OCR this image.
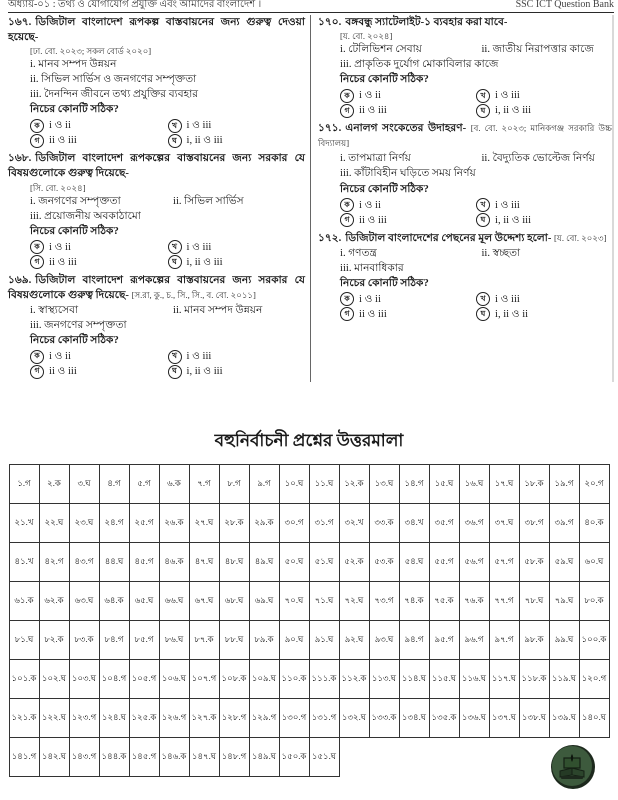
অধ্যায়-০১ : তথ্য ও যোগাযোগ প্রযুক্তি এবং আমাদের বাংলাদেশ ।	SSC ICT Question Bank
১৬৭. ডিজিটাল বাংলাদেশ রূপকল্প বাস্তবায়নের জন্য গুরুত্ব দেওয়া হয়েছে-
[ঢা. বো. ২০২৩; সকল বোর্ড ২০২০]
i. মানব সম্পদ উন্নয়ন
ii. সিভিল সার্ভিস ও জনগণের সম্পৃক্ততা
iii. দৈনন্দিন জীবনে তথ্য প্রযুক্তির ব্যবহার
নিচের কোনটি সঠিক?
ক i ও ii	খ i ও iii
গ ii ও iii	ঘ i, ii ও iii
১৬৮. ডিজিটাল বাংলাদেশ রূপকল্পের বাস্তবায়নের জন্য সরকার যে বিষয়গুলোকে গুরুত্ব দিয়েছে-
[সি. বো. ২০২৪]
i. জনগণের সম্পৃক্ততা	ii. সিভিল সার্ভিস
iii. প্রয়োজনীয় অবকাঠামো
নিচের কোনটি সঠিক?
ক i ও ii	খ i ও iii
গ ii ও iii	ঘ i, ii ও iii
১৬৯. ডিজিটাল বাংলাদেশ রূপকল্পের বাস্তবায়নের জন্য সরকার যে বিষয়গুলোকে গুরুত্ব দিয়েছে- [স.রা, কু., চ., সি., সি., ব. বো. ২০১১]
i. স্বাস্থ্যসেবা	ii. মানব সম্পদ উন্নয়ন
iii. জনগণের সম্পৃক্ততা
নিচের কোনটি সঠিক?
ক i ও ii	খ i ও iii
গ ii ও iii	ঘ i, ii ও iii
১৭০. বঙ্গবন্ধু স্যাটেলাইট-১ ব্যবহার করা যাবে-
[য. বো. ২০২৪]
i. টেলিভিশন সেবায়	ii. জাতীয় নিরাপত্তার কাজে
iii. প্রাকৃতিক দুর্যোগ মোকাবিলার কাজে
নিচের কোনটি সঠিক?
ক i ও ii	খ i ও iii
গ ii ও iii	ঘ i, ii ও iii
১৭১. এনালগ সংকেতের উদাহরণ- [ব. বো. ২০২৩; মানিকগঞ্জ সরকারি উচ্চ বিদ্যালয়]
i. তাপমাত্রা নির্ণয়	ii. বৈদ্যুতিক ভোল্টেজ নির্ণয়
iii. কাঁটাবিহীন ঘড়িতে সময় নির্ণয়
নিচের কোনটি সঠিক?
ক i ও ii	খ i ও iii
গ ii ও iii	ঘ i, ii ও iii
১৭২. ডিজিটাল বাংলাদেশের পেছনের মূল উদ্দেশ্য হলো- [য. বো. ২০২৩]
i. গণতন্ত্র	ii. স্বচ্ছতা
iii. মানবাধিকার
নিচের কোনটি সঠিক?
ক i ও ii	খ i ও iii
গ ii ও iii	ঘ i, ii ও ii
বহুনির্বাচনী প্রশ্নের উত্তরমালা
১.গ	২.ক	৩.ঘ	৪.গ	৫.গ	৬.ক	৭.গ	৮.গ	৯.গ	১০.ঘ	১১.ঘ	১২.ক	১৩.ঘ	১৪.গ	১৫.ঘ	১৬.ঘ	১৭.ঘ	১৮.ক	১৯.গ	২০.গ
২১.খ	২২.ঘ	২৩.ঘ	২৪.গ	২৫.গ	২৬.ক	২৭.ঘ	২৮.ক	২৯.ক	৩০.গ	৩১.গ	৩২.খ	৩৩.ক	৩৪.খ	৩৫.গ	৩৬.গ	৩৭.ঘ	৩৮.গ	৩৯.গ	৪০.ক
৪১.খ	৪২.গ	৪৩.গ	৪৪.ঘ	৪৫.গ	৪৬.ক	৪৭.ঘ	৪৮.ঘ	৪৯.ঘ	৫০.ঘ	৫১.ঘ	৫২.ক	৫৩.ক	৫৪.ঘ	৫৫.গ	৫৬.গ	৫৭.গ	৫৮.ক	৫৯.ঘ	৬০.ঘ
৬১.ক	৬২.ক	৬৩.ঘ	৬৪.ক	৬৫.ঘ	৬৬.ঘ	৬৭.ঘ	৬৮.ঘ	৬৯.ঘ	৭০.ঘ	৭১.ঘ	৭২.ঘ	৭৩.গ	৭৪.ক	৭৫.ক	৭৬.ক	৭৭.গ	৭৮.ঘ	৭৯.ঘ	৮০.ক
৮১.ঘ	৮২.ক	৮৩.ক	৮৪.গ	৮৫.গ	৮৬.ঘ	৮৭.ক	৮৮.ঘ	৮৯.ক	৯০.ঘ	৯১.ঘ	৯২.ঘ	৯৩.ঘ	৯৪.গ	৯৫.গ	৯৬.গ	৯৭.গ	৯৮.ক	৯৯.ঘ	১০০.ক
১০১.ক	১০২.ঘ	১০৩.ঘ	১০৪.গ	১০৫.গ	১০৬.ঘ	১০৭.গ	১০৮.ক	১০৯.ঘ	১১০.ক	১১১.ক	১১২.ক	১১৩.ঘ	১১৪.ঘ	১১৫.ঘ	১১৬.ঘ	১১৭.ঘ	১১৮.ক	১১৯.ঘ	১২০.গ
১২১.ক	১২২.ঘ	১২৩.গ	১২৪.ঘ	১২৫.ক	১২৬.গ	১২৭.ক	১২৮.গ	১২৯.গ	১৩০.গ	১৩১.গ	১৩২.ঘ	১৩৩.ক	১৩৪.ঘ	১৩৫.ক	১৩৬.ঘ	১৩৭.ঘ	১৩৮.ঘ	১৩৯.ঘ	১৪০.ঘ
১৪১.গ	১৪২.ঘ	১৪৩.গ	১৪৪.ক	১৪৫.গ	১৪৬.ক	১৪৭.ঘ	১৪৮.গ	১৪৯.ঘ	১৫০.ক	১৫১.ঘ									
